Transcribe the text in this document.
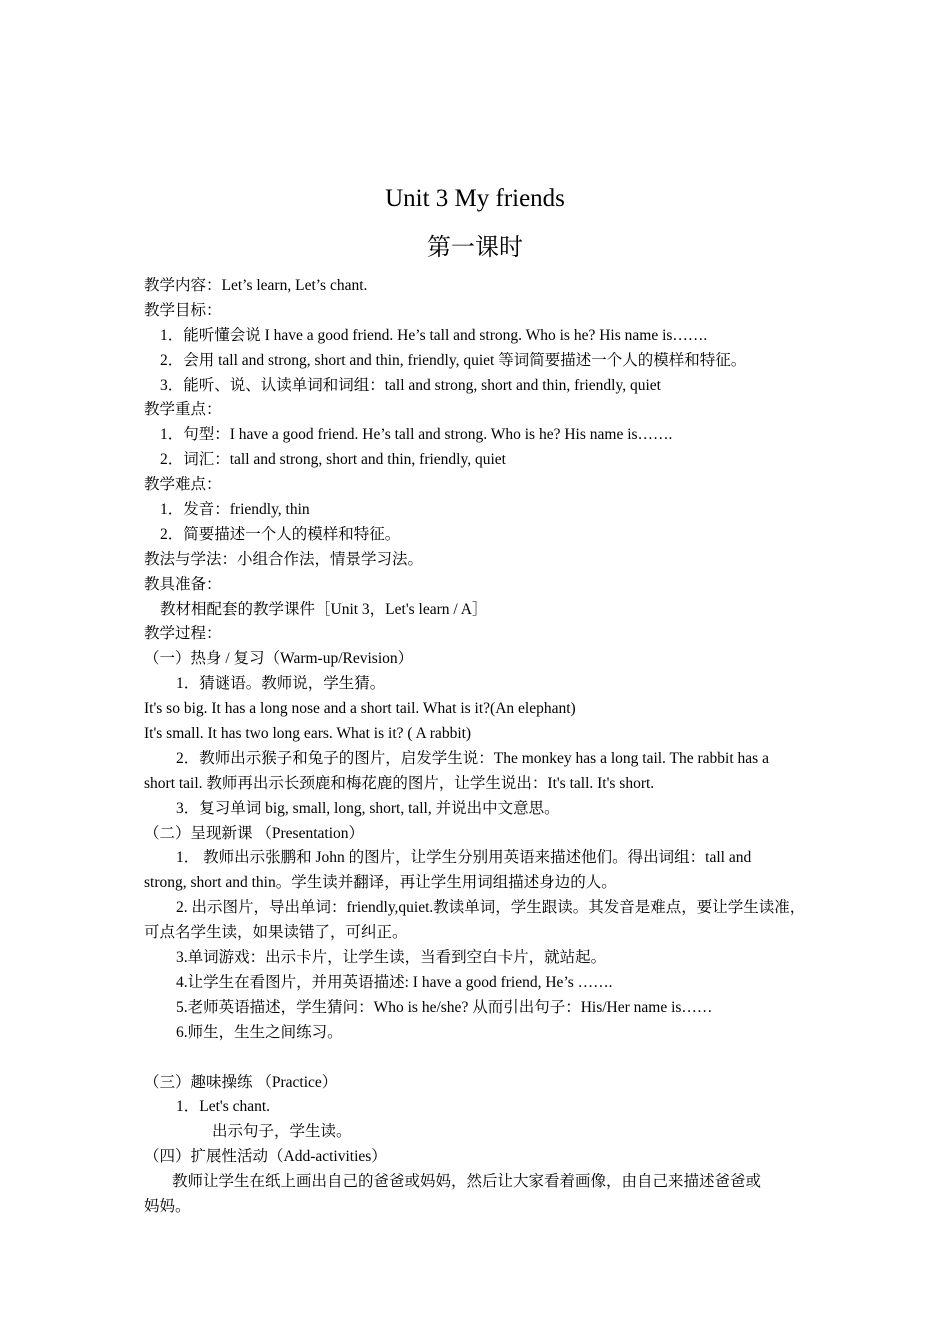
Unit 3 My friends
第一课时
教学内容：Let’s learn, Let’s chant.
教学目标：
1．能听懂会说 I have a good friend. He’s tall and strong. Who is he? His name is…….
2．会用 tall and strong, short and thin, friendly, quiet 等词简要描述一个人的模样和特征。
3．能听、说、认读单词和词组：tall and strong, short and thin, friendly, quiet
教学重点：
1．句型：I have a good friend. He’s tall and strong. Who is he? His name is…….
2．词汇：tall and strong, short and thin, friendly, quiet
教学难点：
1．发音：friendly, thin
2．简要描述一个人的模样和特征。
教法与学法：小组合作法，情景学习法。
教具准备：
教材相配套的教学课件［Unit 3，Let's learn / A］
教学过程：
（一）热身 / 复习（Warm-up/Revision）
1．猜谜语。教师说，学生猜。
It's so big. It has a long nose and a short tail. What is it?(An elephant)
It's small. It has two long ears. What is it? ( A rabbit)
2．教师出示猴子和兔子的图片，启发学生说：The monkey has a long tail. The rabbit has a
short tail. 教师再出示长颈鹿和梅花鹿的图片，让学生说出：It's tall. It's short.
3．复习单词 big, small, long, short, tall, 并说出中文意思。
（二）呈现新课 （Presentation）
1． 教师出示张鹏和 John 的图片，让学生分别用英语来描述他们。得出词组：tall and
strong, short and thin。学生读并翻译，再让学生用词组描述身边的人。
2. 出示图片，导出单词：friendly,quiet.教读单词，学生跟读。其发音是难点，要让学生读准，
可点名学生读，如果读错了，可纠正。
3.单词游戏：出示卡片，让学生读，当看到空白卡片，就站起。
4.让学生在看图片，并用英语描述: I have a good friend, He’s …….
5.老师英语描述，学生猜问：Who is he/she? 从而引出句子：His/Her name is……
6.师生，生生之间练习。
（三）趣味操练 （Practice）
1．Let's chant.
出示句子，学生读。
（四）扩展性活动（Add-activities）
教师让学生在纸上画出自己的爸爸或妈妈，然后让大家看着画像，由自己来描述爸爸或
妈妈。
